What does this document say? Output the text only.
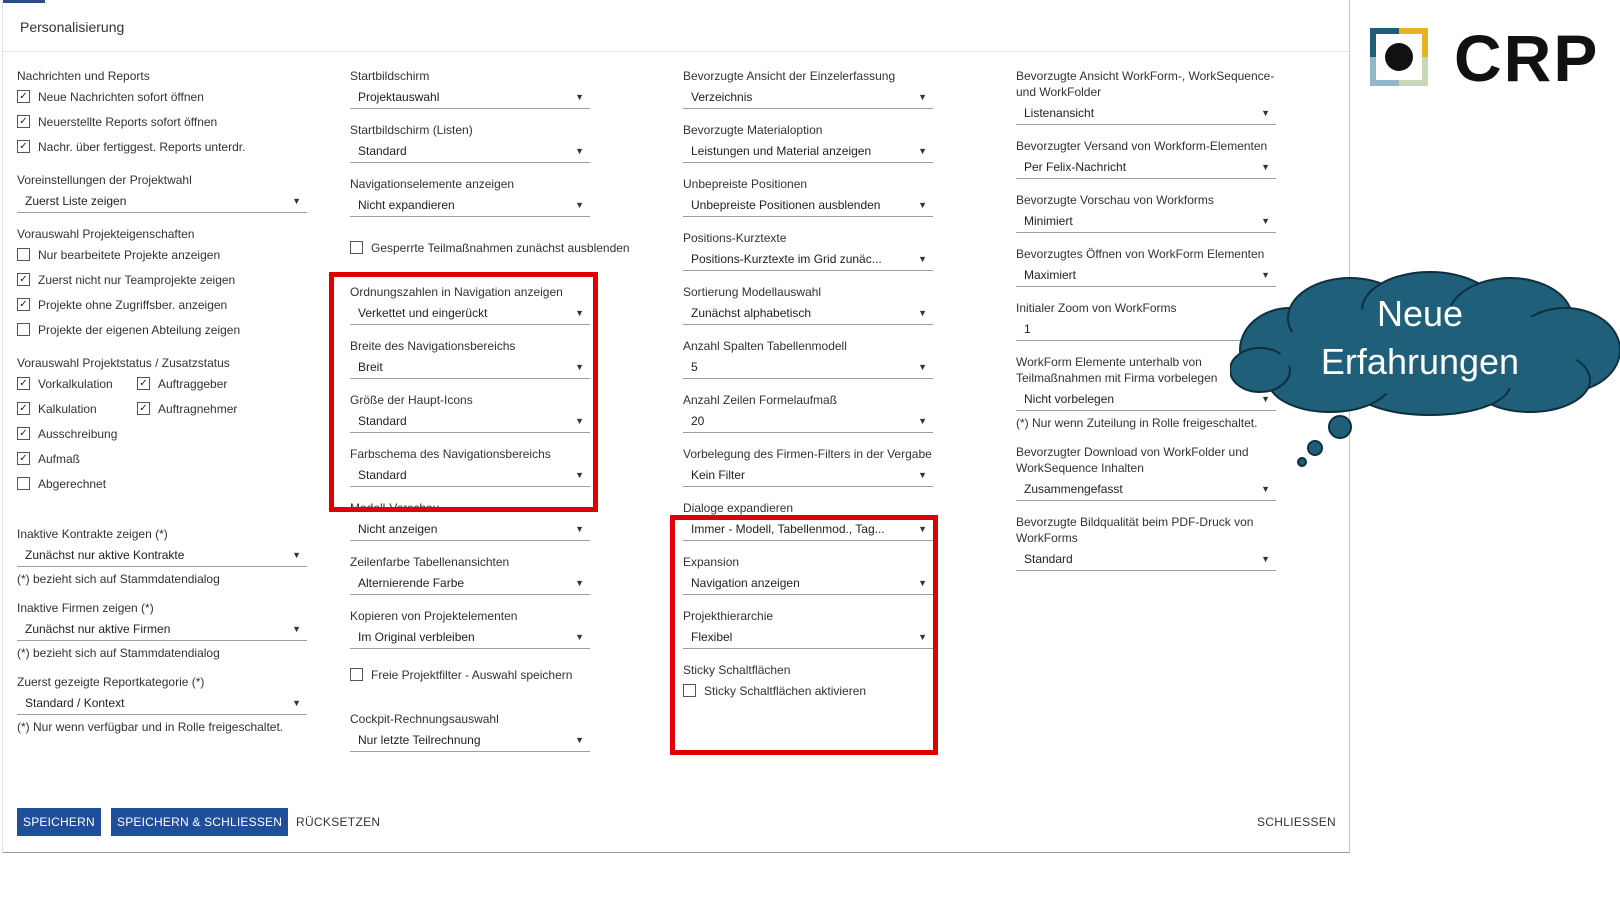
Personalisierung
Nachrichten und Reports
✓ Neue Nachrichten sofort öffnen
✓ Neuerstellte Reports sofort öffnen
✓ Nachr. über fertiggest. Reports unterdr.
Voreinstellungen der Projektwahl
Zuerst Liste zeigen	▼
Vorauswahl Projekteigenschaften
Nur bearbeitete Projekte anzeigen
✓ Zuerst nicht nur Teamprojekte zeigen
✓ Projekte ohne Zugriffsber. anzeigen
Projekte der eigenen Abteilung zeigen
Vorauswahl Projektstatus / Zusatzstatus
✓ Vorkalkulation	✓ Auftraggeber
✓ Kalkulation	✓ Auftragnehmer
✓ Ausschreibung
✓ Aufmaß
Abgerechnet
Inaktive Kontrakte zeigen (*)
Zunächst nur aktive Kontrakte	▼
(*) bezieht sich auf Stammdatendialog
Inaktive Firmen zeigen (*)
Zunächst nur aktive Firmen	▼
(*) bezieht sich auf Stammdatendialog
Zuerst gezeigte Reportkategorie (*)
Standard / Kontext	▼
(*) Nur wenn verfügbar und in Rolle freigeschaltet.
Startbildschirm
Projektauswahl	▼
Startbildschirm (Listen)
Standard	▼
Navigationselemente anzeigen
Nicht expandieren	▼
Gesperrte Teilmaßnahmen zunächst ausblenden
Ordnungszahlen in Navigation anzeigen
Verkettet und eingerückt	▼
Breite des Navigationsbereichs
Breit	▼
Größe der Haupt-Icons
Standard	▼
Farbschema des Navigationsbereichs
Standard	▼
Modell-Vorschau
Nicht anzeigen	▼
Zeilenfarbe Tabellenansichten
Alternierende Farbe	▼
Kopieren von Projektelementen
Im Original verbleiben	▼
Freie Projektfilter - Auswahl speichern
Cockpit-Rechnungsauswahl
Nur letzte Teilrechnung	▼
Bevorzugte Ansicht der Einzelerfassung
Verzeichnis	▼
Bevorzugte Materialoption
Leistungen und Material anzeigen	▼
Unbepreiste Positionen
Unbepreiste Positionen ausblenden	▼
Positions-Kurztexte
Positions-Kurztexte im Grid zunäc...	▼
Sortierung Modellauswahl
Zunächst alphabetisch	▼
Anzahl Spalten Tabellenmodell
5	▼
Anzahl Zeilen Formelaufmaß
20	▼
Vorbelegung des Firmen-Filters in der Vergabe
Kein Filter	▼
Dialoge expandieren
Immer - Modell, Tabellenmod., Tag...	▼
Expansion
Navigation anzeigen	▼
Projekthierarchie
Flexibel	▼
Sticky Schaltflächen
Sticky Schaltflächen aktivieren
Bevorzugte Ansicht WorkForm-, WorkSequence- und WorkFolder
Listenansicht	▼
Bevorzugter Versand von Workform-Elementen
Per Felix-Nachricht	▼
Bevorzugte Vorschau von Workforms
Minimiert	▼
Bevorzugtes Öffnen von WorkForm Elementen
Maximiert	▼
Initialer Zoom von WorkForms
1
WorkForm Elemente unterhalb von Teilmaßnahmen mit Firma vorbelegen
Nicht vorbelegen	▼
(*) Nur wenn Zuteilung in Rolle freigeschaltet.
Bevorzugter Download von WorkFolder und WorkSequence Inhalten
Zusammengefasst	▼
Bevorzugte Bildqualität beim PDF-Druck von WorkForms
Standard	▼
SPEICHERN	SPEICHERN & SCHLIESSEN	RÜCKSETZEN	SCHLIESSEN
CRP
Neue
Erfahrungen
